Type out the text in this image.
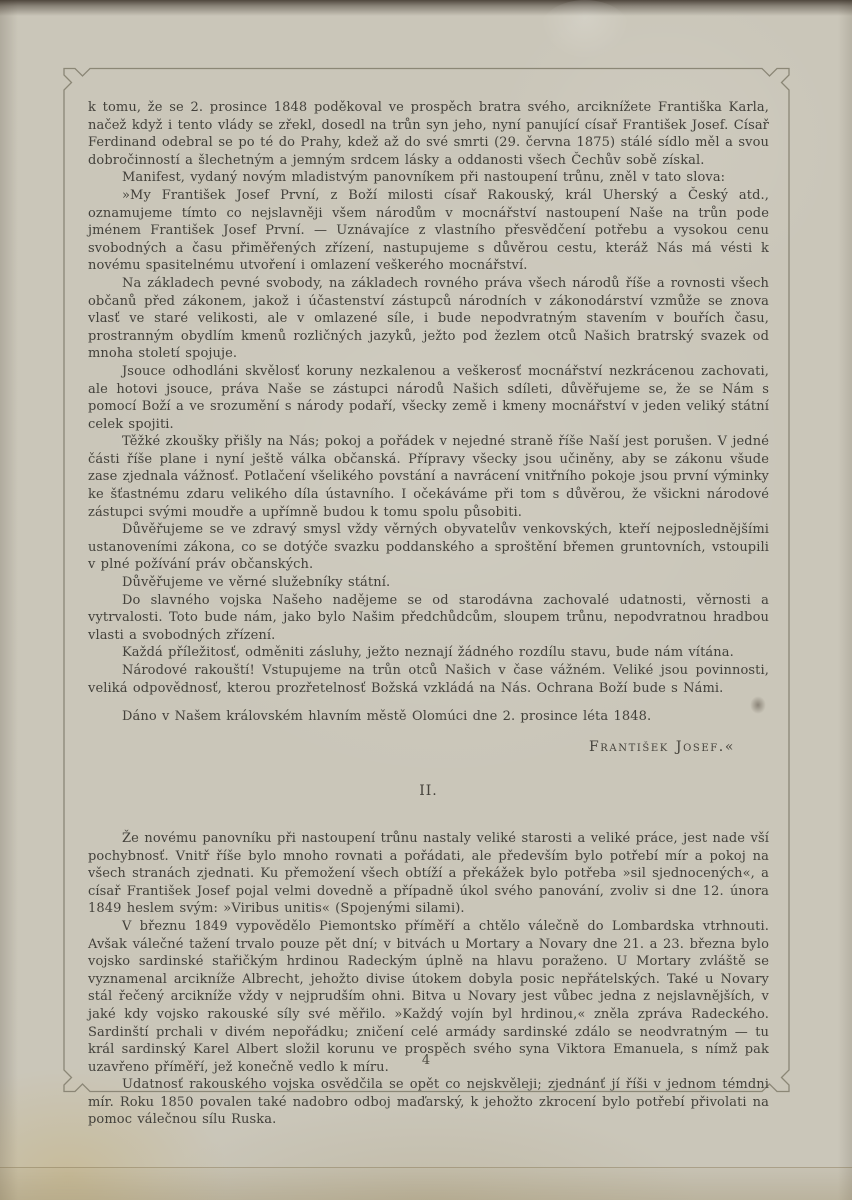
k tomu, že se 2. prosince 1848 poděkoval ve prospěch bratra svého, arciknížete Františka Karla, načež když i tento vlády se zřekl, dosedl na trůn syn jeho, nyní panující císař František Josef. Císař Ferdinand odebral se po té do Prahy, kdež až do své smrti (29. června 1875) stálé sídlo měl a svou dobročinností a šlechetným a jemným srdcem lásky a oddanosti všech Čechův sobě získal.

Manifest, vydaný novým mladistvým panovníkem při nastoupení trůnu, zněl v tato slova:

»My František Josef První, z Boží milosti císař Rakouský, král Uherský a Český atd., oznamujeme tímto co nejslavněji všem národům v mocnářství nastoupení Naše na trůn pode jménem František Josef První. — Uznávajíce z vlastního přesvědčení potřebu a vysokou cenu svobodných a času přiměřených zřízení, nastupujeme s důvěrou cestu, kteráž Nás má vésti k novému spasitelnému utvoření i omlazení veškerého mocnářství.

Na základech pevné svobody, na základech rovného práva všech národů říše a rovnosti všech občanů před zákonem, jakož i účastenství zástupců národních v zákonodárství vzmůže se znova vlasť ve staré velikosti, ale v omlazené síle, i bude nepodvratným stavením v bouřích času, prostranným obydlím kmenů rozličných jazyků, ježto pod žezlem otců Našich bratrský svazek od mnoha století spojuje.

Jsouce odhodláni skvělosť koruny nezkalenou a veškerosť mocnářství nezkrácenou zachovati, ale hotovi jsouce, práva Naše se zástupci národů Našich sdíleti, důvěřujeme se, že se Nám s pomocí Boží a ve srozumění s národy podaří, všecky země i kmeny mocnářství v jeden veliký státní celek spojiti.

Těžké zkoušky přišly na Nás; pokoj a pořádek v nejedné straně říše Naší jest porušen. V jedné části říše plane i nyní ještě válka občanská. Přípravy všecky jsou učiněny, aby se zákonu všude zase zjednala vážnosť. Potlačení všelikého povstání a navrácení vnitřního pokoje jsou první výminky ke šťastnému zdaru velikého díla ústavního. I očekáváme při tom s důvěrou, že všickni národové zástupci svými moudře a upřímně budou k tomu spolu působiti.

Důvěřujeme se ve zdravý smysl vždy věrných obyvatelův venkovských, kteří nejposlednějšími ustanoveními zákona, co se dotýče svazku poddanského a sproštění břemen gruntovních, vstoupili v plné požívání práv občanských.

Důvěřujeme ve věrné služebníky státní.

Do slavného vojska Našeho nadějeme se od starodávna zachovalé udatnosti, věrnosti a vytrvalosti. Toto bude nám, jako bylo Našim předchůdcům, sloupem trůnu, nepodvratnou hradbou vlasti a svobodných zřízení.

Každá příležitosť, odměniti zásluhy, ježto neznají žádného rozdílu stavu, bude nám vítána.

Národové rakouští! Vstupujeme na trůn otců Našich v čase vážném. Veliké jsou povinnosti, veliká odpovědnosť, kterou prozřetelnosť Božská vzkládá na Nás. Ochrana Boží bude s Námi.

Dáno v Našem královském hlavním městě Olomúci dne 2. prosince léta 1848.

František Josef.«

II.

Že novému panovníku při nastoupení trůnu nastaly veliké starosti a veliké práce, jest nade vší pochybnosť. Vnitř říše bylo mnoho rovnati a pořádati, ale především bylo potřebí mír a pokoj na všech stranách zjednati. Ku přemožení všech obtíží a překážek bylo potřeba »sil sjednocených«, a císař František Josef pojal velmi dovedně a případně úkol svého panování, zvoliv si dne 12. února 1849 heslem svým: »Viribus unitis« (Spojenými silami).

V březnu 1849 vypovědělo Piemontsko příměří a chtělo válečně do Lombardska vtrhnouti. Avšak válečné tažení trvalo pouze pět dní; v bitvách u Mortary a Novary dne 21. a 23. března bylo vojsko sardinské stařičkým hrdinou Radeckým úplně na hlavu poraženo. U Mortary zvláště se vyznamenal arcikníže Albrecht, jehožto divise útokem dobyla posic nepřátelských. Také u Novary stál řečený arcikníže vždy v nejprudším ohni. Bitva u Novary jest vůbec jedna z nejslavnějších, v jaké kdy vojsko rakouské síly své měřilo. »Každý vojín byl hrdinou,« zněla zpráva Radeckého. Sardinští prchali v divém nepořádku; zničení celé armády sardinské zdálo se neodvratným — tu král sardinský Karel Albert složil korunu ve prospěch svého syna Viktora Emanuela, s nímž pak uzavřeno příměří, jež konečně vedlo k míru.

Udatnosť rakouského vojska osvědčila se opět co nejskvěleji; zjednánť jí říši v jednom témdni mír. Roku 1850 povalen také nadobro odboj maďarský, k jehožto zkrocení bylo potřebí přivolati na pomoc válečnou sílu Ruska.

4
